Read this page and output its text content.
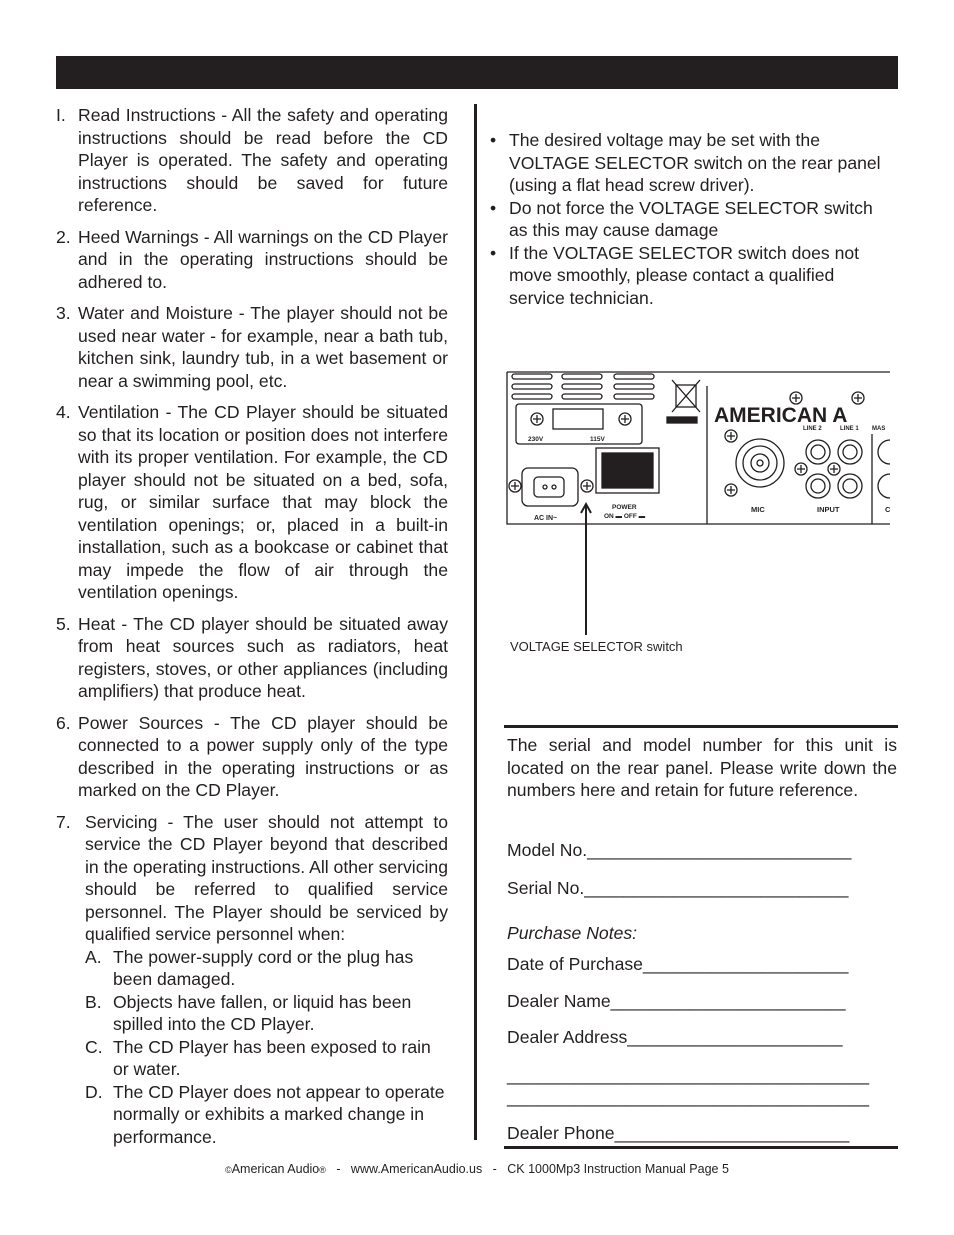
I. Read Instructions - All the safety and operating instructions should be read before the CD Player is operated. The safety and operating instructions should be saved for future reference.
2. Heed Warnings - All warnings on the CD Player and in the operating instructions should be adhered to.
3. Water and Moisture - The player should not be used near water - for example, near a bath tub, kitchen sink, laundry tub, in a wet basement or near a swimming pool, etc.
4. Ventilation - The CD Player should be situated so that its location or position does not interfere with its proper ventilation. For example, the CD player should not be situated on a bed, sofa, rug, or similar surface that may block the ventilation openings; or, placed in a built-in installation, such as a bookcase or cabinet that may impede the flow of air through the ventilation openings.
5. Heat - The CD player should be situated away from heat sources such as radiators, heat registers, stoves, or other appliances (including amplifiers) that produce heat.
6. Power Sources - The CD player should be connected to a power supply only of the type described in the operating instructions or as marked on the CD Player.
7. Servicing - The user should not attempt to service the CD Player beyond that described in the operating instructions. All other servicing should be referred to qualified service personnel. The Player should be serviced by qualified service personnel when:
A. The power-supply cord or the plug has been damaged.
B. Objects have fallen, or liquid has been spilled into the CD Player.
C. The CD Player has been exposed to rain or water.
D. The CD Player does not appear to operate normally or exhibits a marked change in performance.
• The desired voltage may be set with the VOLTAGE SELECTOR switch on the rear panel (using a flat head screw driver).
• Do not force the VOLTAGE SELECTOR switch as this may cause damage
• If the VOLTAGE SELECTOR switch does not move smoothly, please contact a qualified service technician.
AMERICAN A
230V	115V
AC IN~
POWER
ON ▬ OFF ▬
LINE 2	LINE 1 MAS
MIC	INPUT	C
VOLTAGE SELECTOR switch
The serial and model number for this unit is located on the rear panel. Please write down the numbers here and retain for future reference.
Model No.___________________________
Serial No.___________________________
Purchase Notes:
Date of Purchase_____________________
Dealer Name________________________
Dealer Address______________________
_____________________________________
_____________________________________
Dealer Phone________________________
©American Audio® - www.AmericanAudio.us - CK 1000Mp3 Instruction Manual Page 5
